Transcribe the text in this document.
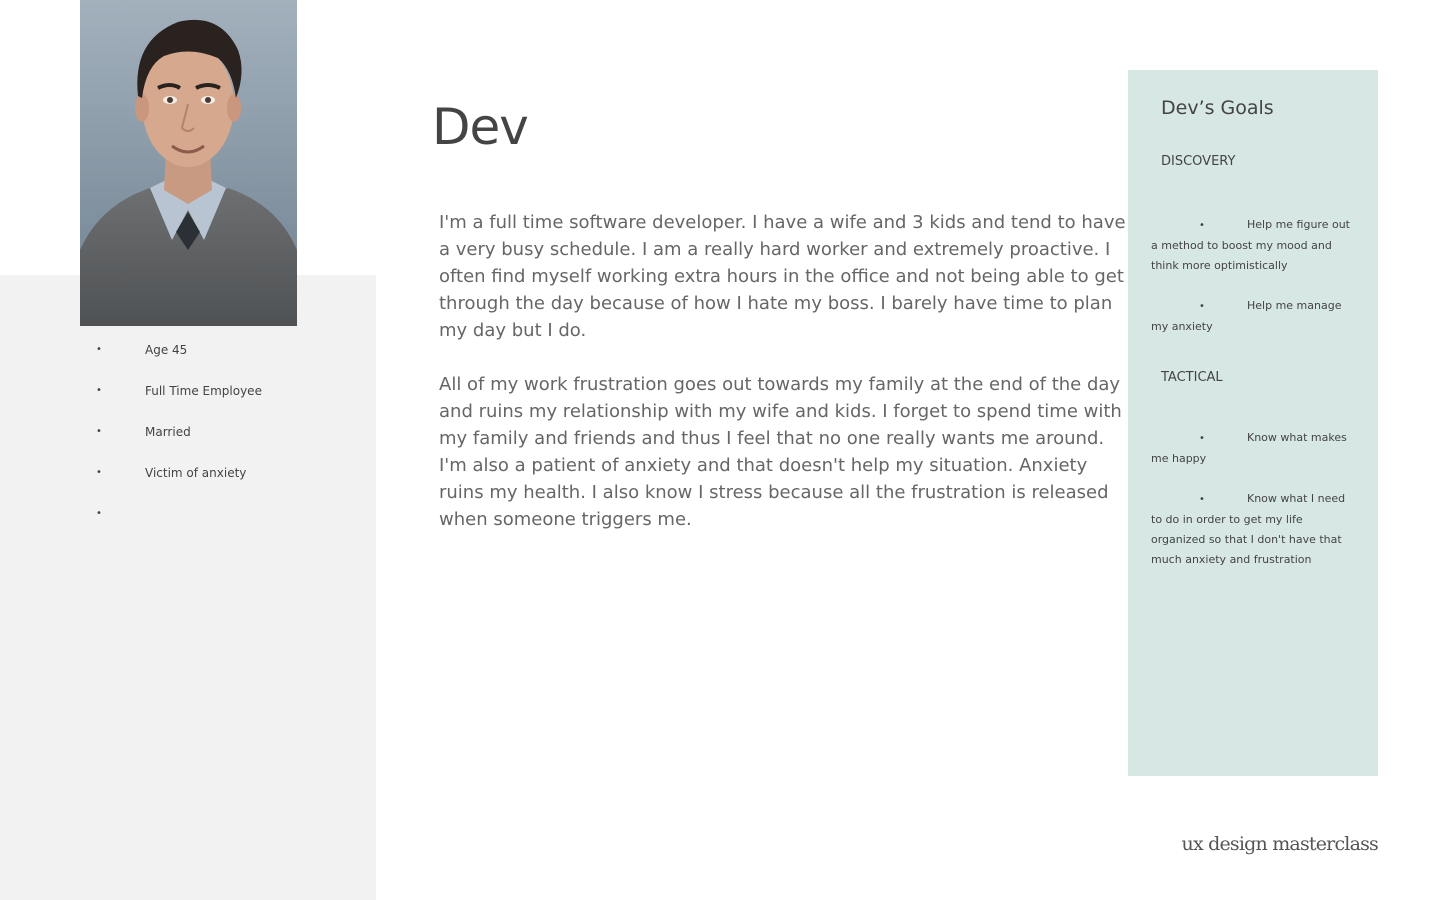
•	Age 45
•	Full Time Employee
•	Married
•	Victim of anxiety
•
Dev

I'm a full time software developer. I have a wife and 3 kids and tend to have a very busy schedule. I am a really hard worker and extremely proactive. I often find myself working extra hours in the office and not being able to get through the day because of how I hate my boss. I barely have time to plan my day but I do.

All of my work frustration goes out towards my family at the end of the day and ruins my relationship with my wife and kids. I forget to spend time with my family and friends and thus I feel that no one really wants me around. I'm also a patient of anxiety and that doesn't help my situation. Anxiety ruins my health. I also know I stress because all the frustration is released when someone triggers me.

Dev’s Goals
DISCOVERY
•	Help me figure out a method to boost my mood and think more optimistically
•	Help me manage my anxiety
TACTICAL
•	Know what makes me happy
•	Know what I need to do in order to get my life organized so that I don't have that much anxiety and frustration
ux design masterclass
